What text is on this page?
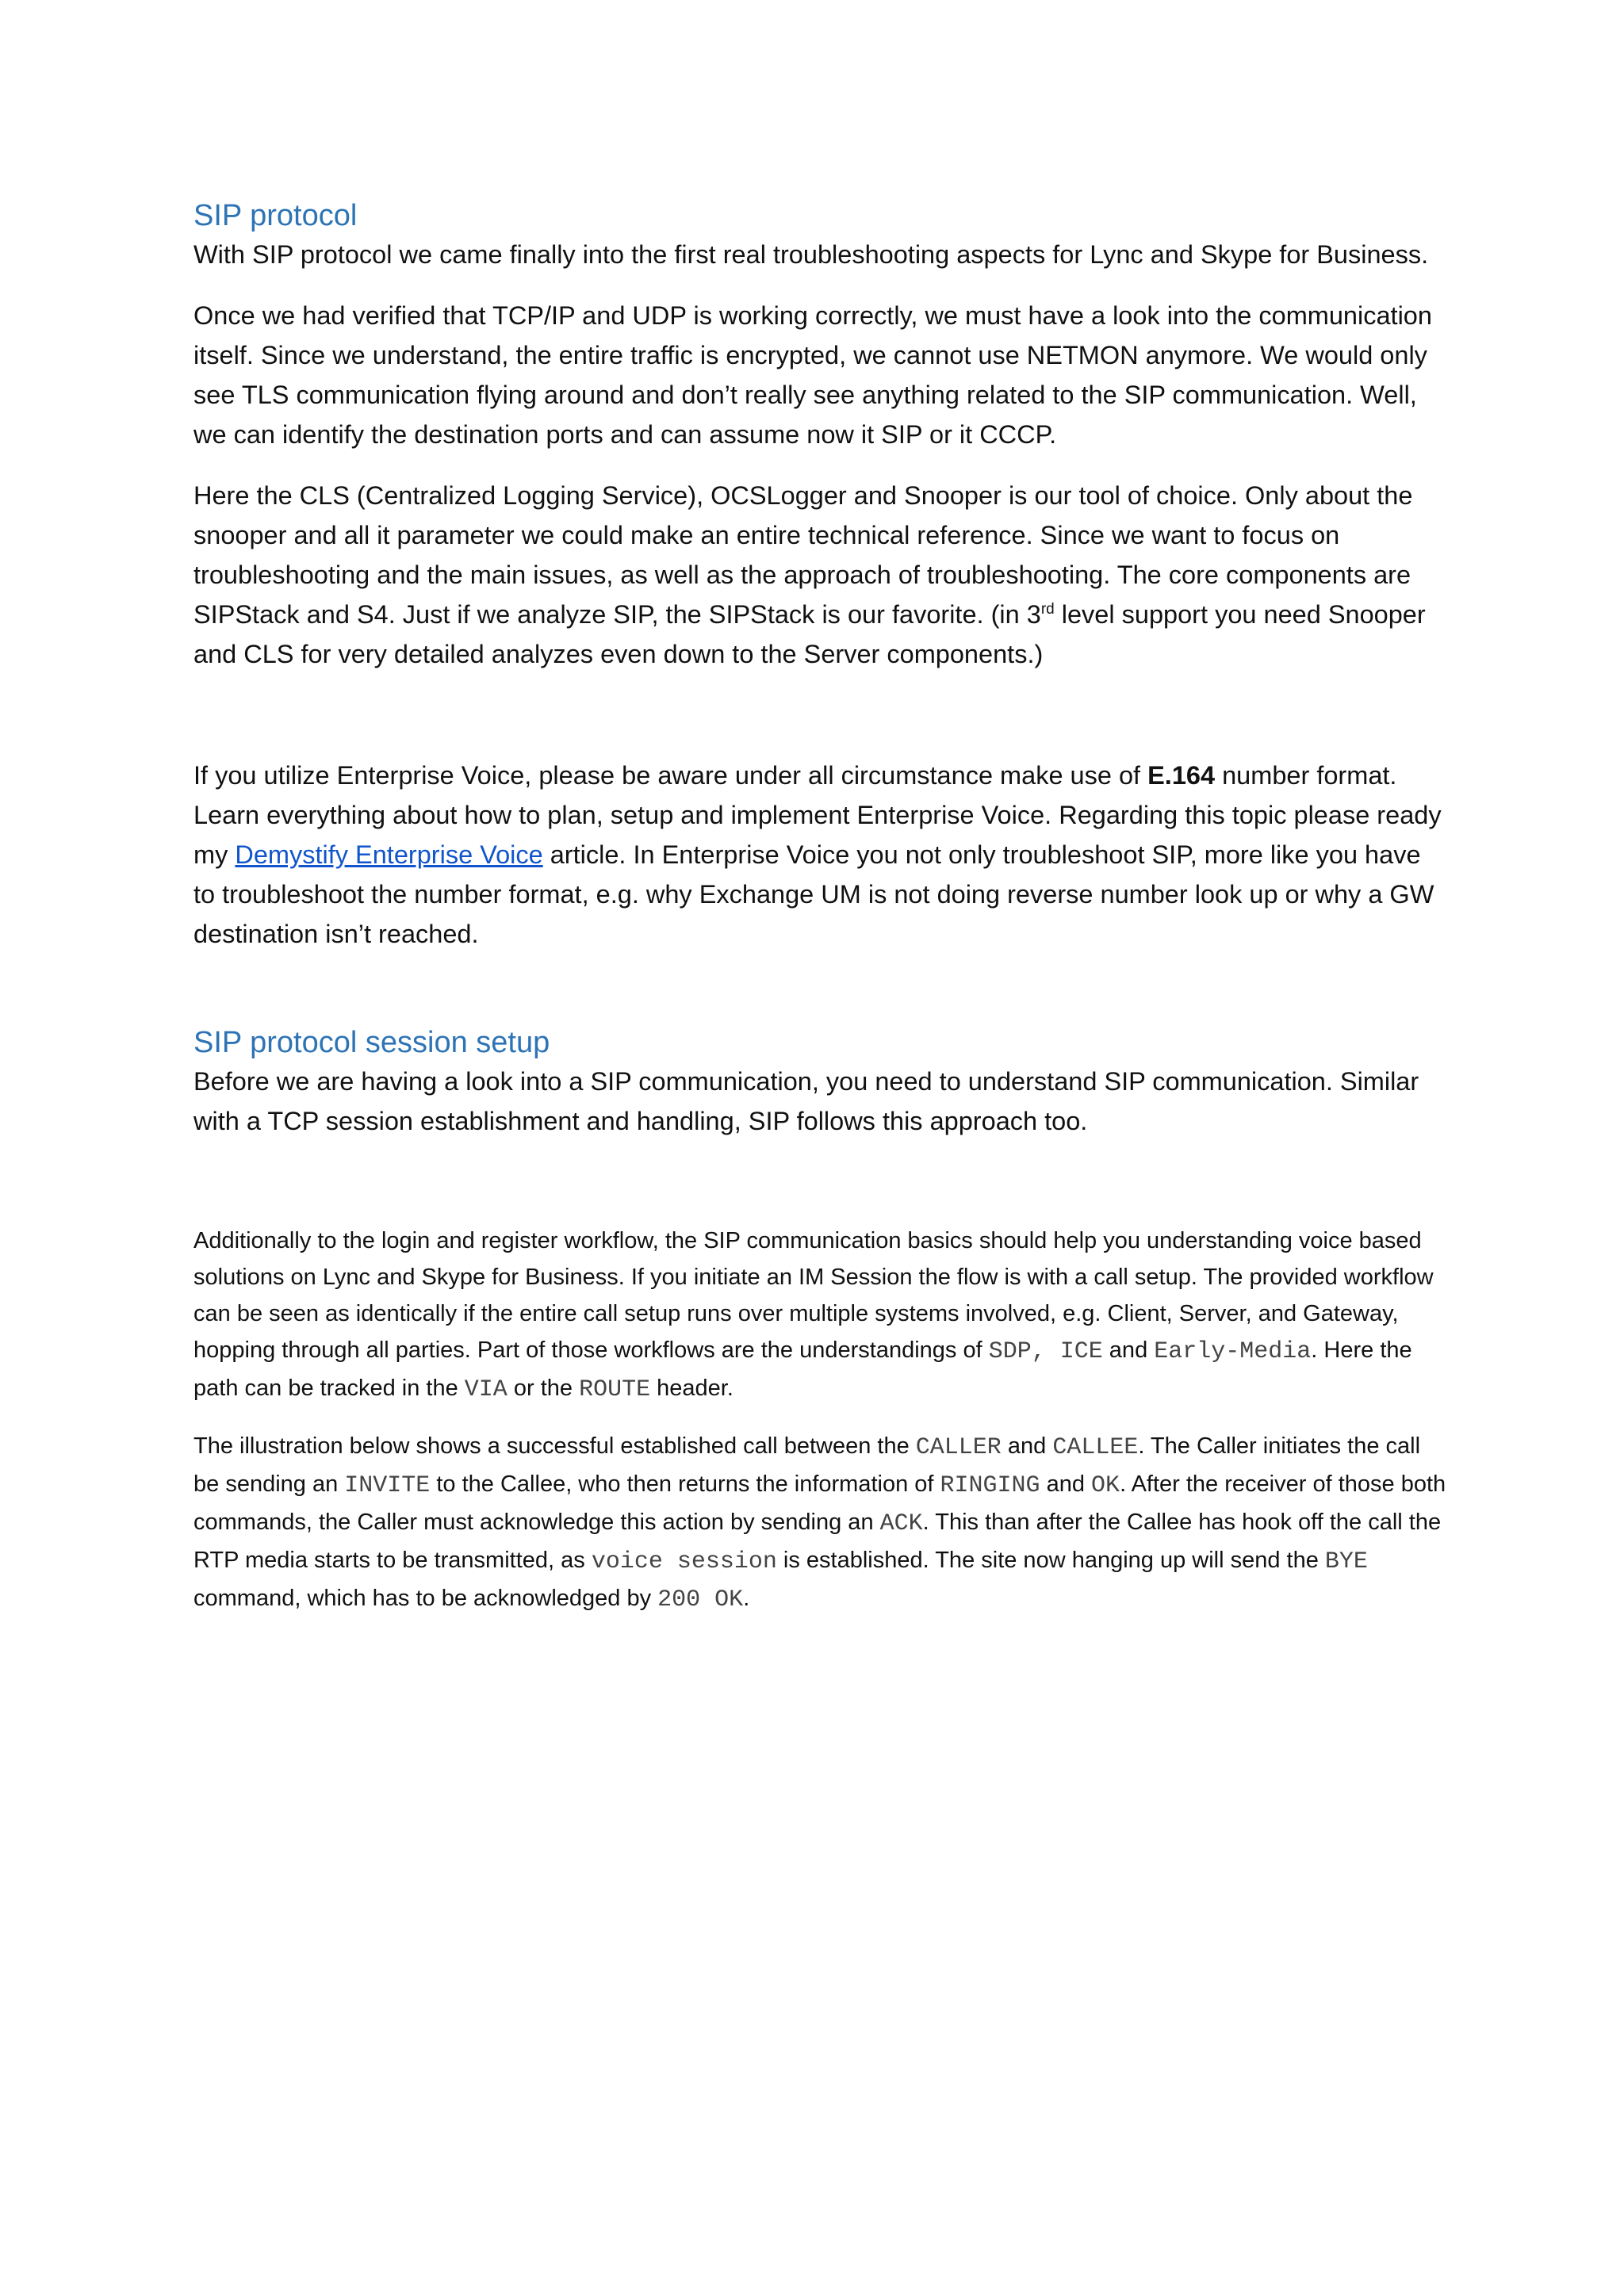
SIP protocol

With SIP protocol we came finally into the first real troubleshooting aspects for Lync and Skype for Business.

Once we had verified that TCP/IP and UDP is working correctly, we must have a look into the communication itself. Since we understand, the entire traffic is encrypted, we cannot use NETMON anymore. We would only see TLS communication flying around and don’t really see anything related to the SIP communication. Well, we can identify the destination ports and can assume now it SIP or it CCCP.

Here the CLS (Centralized Logging Service), OCSLogger and Snooper is our tool of choice. Only about the snooper and all it parameter we could make an entire technical reference. Since we want to focus on troubleshooting and the main issues, as well as the approach of troubleshooting. The core components are SIPStack and S4. Just if we analyze SIP, the SIPStack is our favorite. (in 3rd level support you need Snooper and CLS for very detailed analyzes even down to the Server components.)

If you utilize Enterprise Voice, please be aware under all circumstance make use of E.164 number format. Learn everything about how to plan, setup and implement Enterprise Voice. Regarding this topic please ready my Demystify Enterprise Voice article. In Enterprise Voice you not only troubleshoot SIP, more like you have to troubleshoot the number format, e.g. why Exchange UM is not doing reverse number look up or why a GW destination isn’t reached.

SIP protocol session setup

Before we are having a look into a SIP communication, you need to understand SIP communication. Similar with a TCP session establishment and handling, SIP follows this approach too.

Additionally to the login and register workflow, the SIP communication basics should help you understanding voice based solutions on Lync and Skype for Business. If you initiate an IM Session the flow is with a call setup. The provided workflow can be seen as identically if the entire call setup runs over multiple systems involved, e.g. Client, Server, and Gateway, hopping through all parties. Part of those workflows are the understandings of SDP, ICE and Early-Media. Here the path can be tracked in the VIA or the ROUTE header.

The illustration below shows a successful established call between the CALLER and CALLEE. The Caller initiates the call be sending an INVITE to the Callee, who then returns the information of RINGING and OK. After the receiver of those both commands, the Caller must acknowledge this action by sending an ACK. This than after the Callee has hook off the call the RTP media starts to be transmitted, as voice session is established. The site now hanging up will send the BYE command, which has to be acknowledged by 200 OK.
